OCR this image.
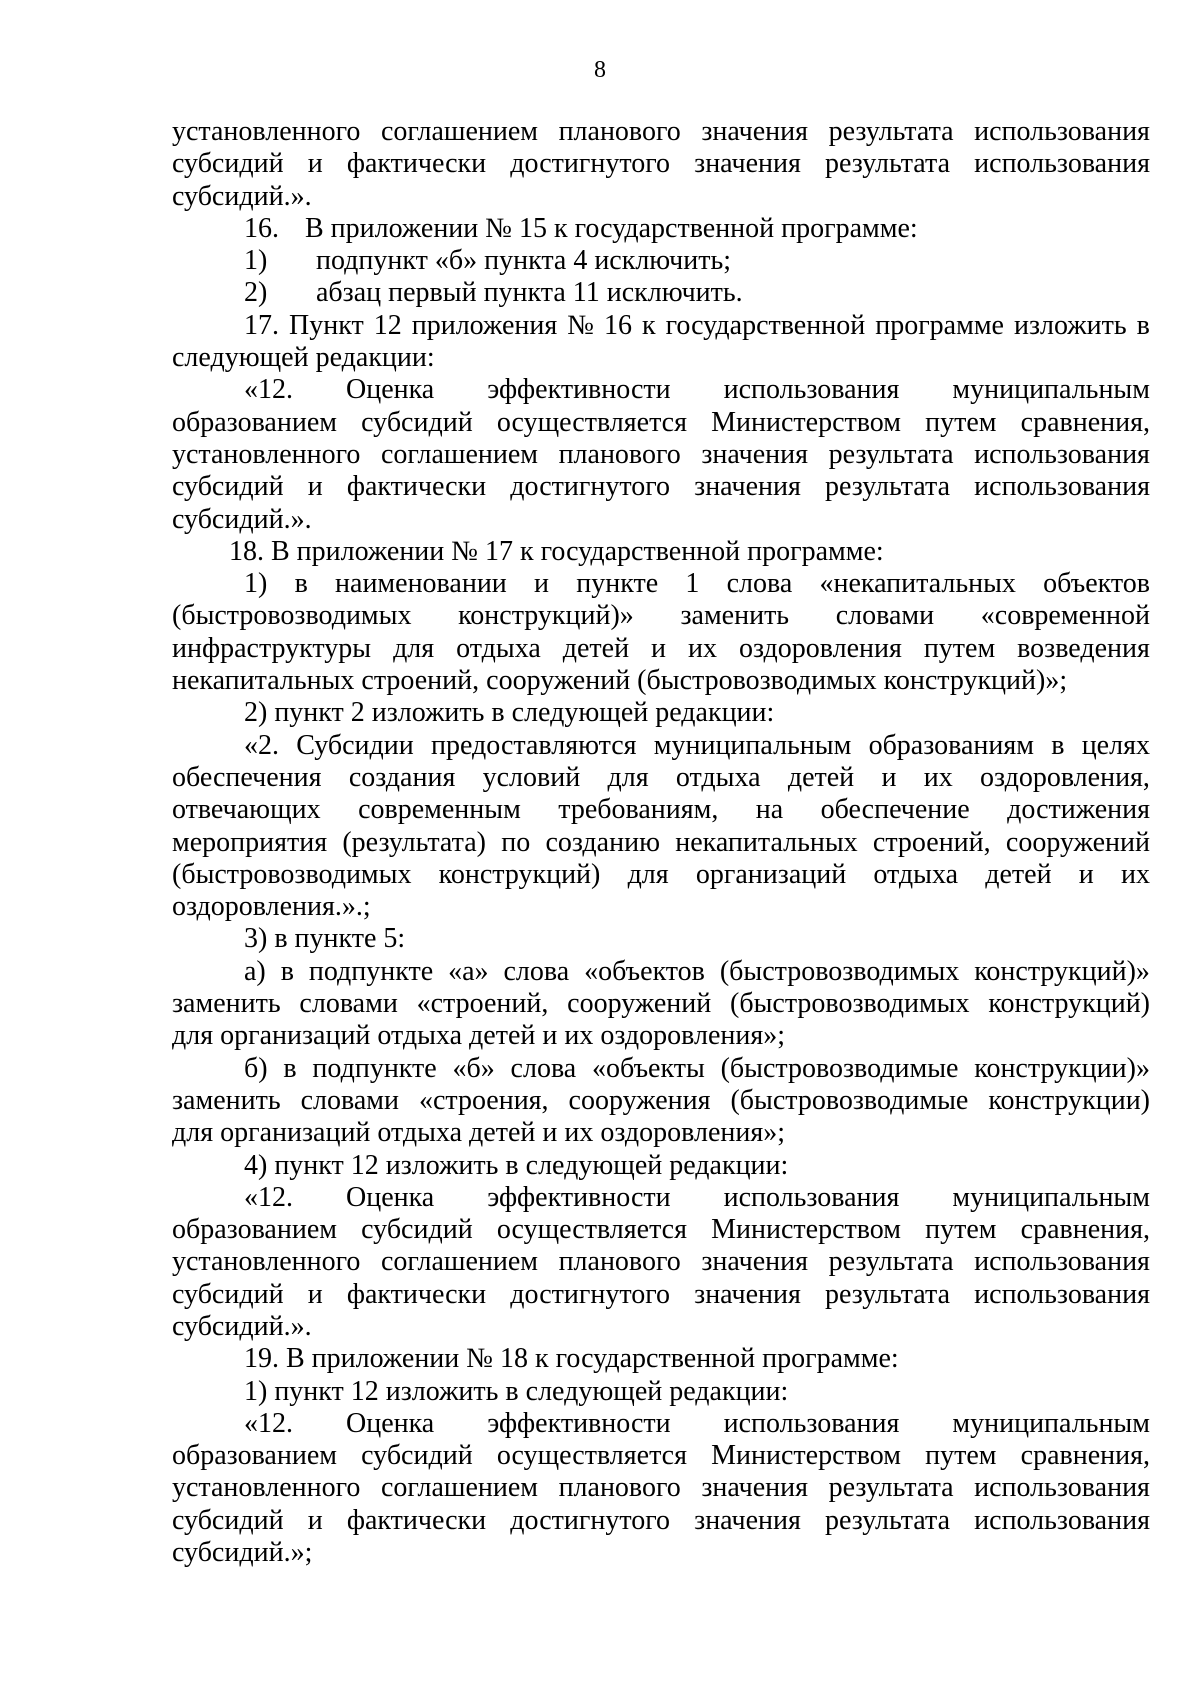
8
установленного соглашением планового значения результата использования
субсидий и фактически достигнутого значения результата использования
субсидий.».
16. В приложении № 15 к государственной программе:
1) подпункт «б» пункта 4 исключить;
2) абзац первый пункта 11 исключить.
17. Пункт 12 приложения № 16 к государственной программе изложить в
следующей редакции:
«12. Оценка эффективности использования муниципальным
образованием субсидий осуществляется Министерством путем сравнения,
установленного соглашением планового значения результата использования
субсидий и фактически достигнутого значения результата использования
субсидий.».
18. В приложении № 17 к государственной программе:
1) в наименовании и пункте 1 слова «некапитальных объектов
(быстровозводимых конструкций)» заменить словами «современной
инфраструктуры для отдыха детей и их оздоровления путем возведения
некапитальных строений, сооружений (быстровозводимых конструкций)»;
2) пункт 2 изложить в следующей редакции:
«2. Субсидии предоставляются муниципальным образованиям в целях
обеспечения создания условий для отдыха детей и их оздоровления,
отвечающих современным требованиям, на обеспечение достижения
мероприятия (результата) по созданию некапитальных строений, сооружений
(быстровозводимых конструкций) для организаций отдыха детей и их
оздоровления.».;
3) в пункте 5:
а) в подпункте «а» слова «объектов (быстровозводимых конструкций)»
заменить словами «строений, сооружений (быстровозводимых конструкций)
для организаций отдыха детей и их оздоровления»;
б) в подпункте «б» слова «объекты (быстровозводимые конструкции)»
заменить словами «строения, сооружения (быстровозводимые конструкции)
для организаций отдыха детей и их оздоровления»;
4) пункт 12 изложить в следующей редакции:
«12. Оценка эффективности использования муниципальным
образованием субсидий осуществляется Министерством путем сравнения,
установленного соглашением планового значения результата использования
субсидий и фактически достигнутого значения результата использования
субсидий.».
19. В приложении № 18 к государственной программе:
1) пункт 12 изложить в следующей редакции:
«12. Оценка эффективности использования муниципальным
образованием субсидий осуществляется Министерством путем сравнения,
установленного соглашением планового значения результата использования
субсидий и фактически достигнутого значения результата использования
субсидий.»;
